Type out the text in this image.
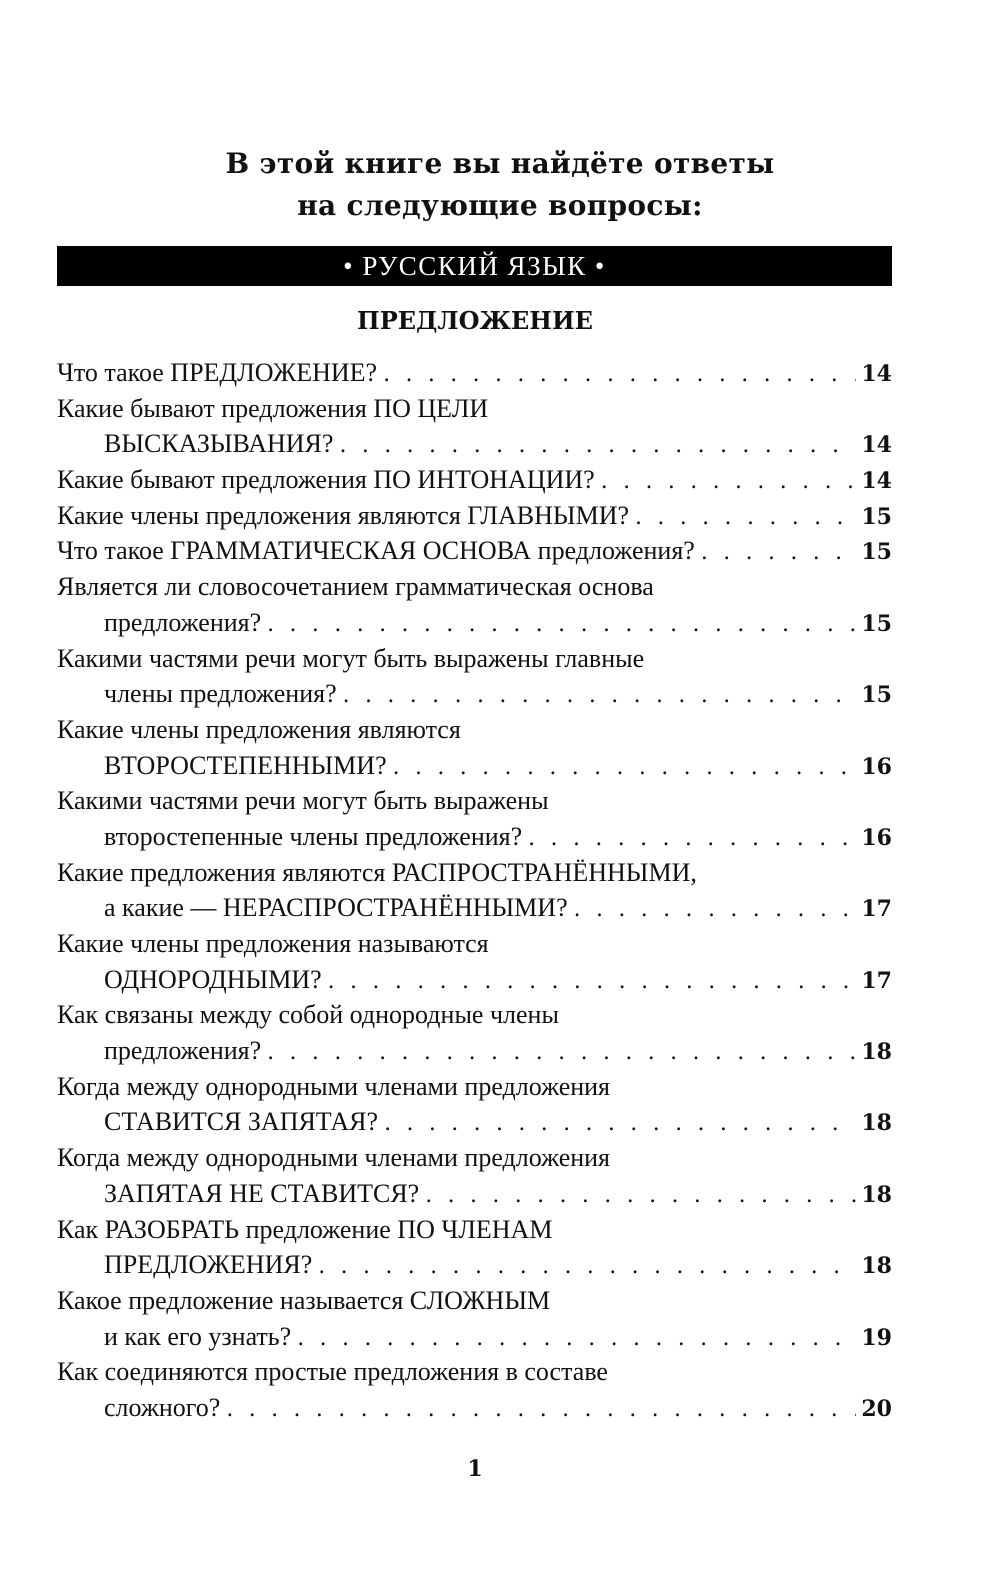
В этой книге вы найдёте ответы
на следующие вопросы:
• РУССКИЙ ЯЗЫК •
ПРЕДЛОЖЕНИЕ
Что такое ПРЕДЛОЖЕНИЕ? . . .	14
Какие бывают предложения ПО ЦЕЛИ
ВЫСКАЗЫВАНИЯ? . . .	14
Какие бывают предложения ПО ИНТОНАЦИИ? . . .	14
Какие члены предложения являются ГЛАВНЫМИ? . . .	15
Что такое ГРАММАТИЧЕСКАЯ ОСНОВА предложения? . . .	15
Является ли словосочетанием грамматическая основа
предложения? . . .	15
Какими частями речи могут быть выражены главные
члены предложения? . . .	15
Какие члены предложения являются
ВТОРОСТЕПЕННЫМИ? . . .	16
Какими частями речи могут быть выражены
второстепенные члены предложения? . . .	16
Какие предложения являются РАСПРОСТРАНЁННЫМИ,
а какие — НЕРАСПРОСТРАНЁННЫМИ? . . .	17
Какие члены предложения называются
ОДНОРОДНЫМИ? . . .	17
Как связаны между собой однородные члены
предложения? . . .	18
Когда между однородными членами предложения
СТАВИТСЯ ЗАПЯТАЯ? . . .	18
Когда между однородными членами предложения
ЗАПЯТАЯ НЕ СТАВИТСЯ? . . .	18
Как РАЗОБРАТЬ предложение ПО ЧЛЕНАМ
ПРЕДЛОЖЕНИЯ? . . .	18
Какое предложение называется СЛОЖНЫМ
и как его узнать? . . .	19
Как соединяются простые предложения в составе
сложного? . . .	20
1
